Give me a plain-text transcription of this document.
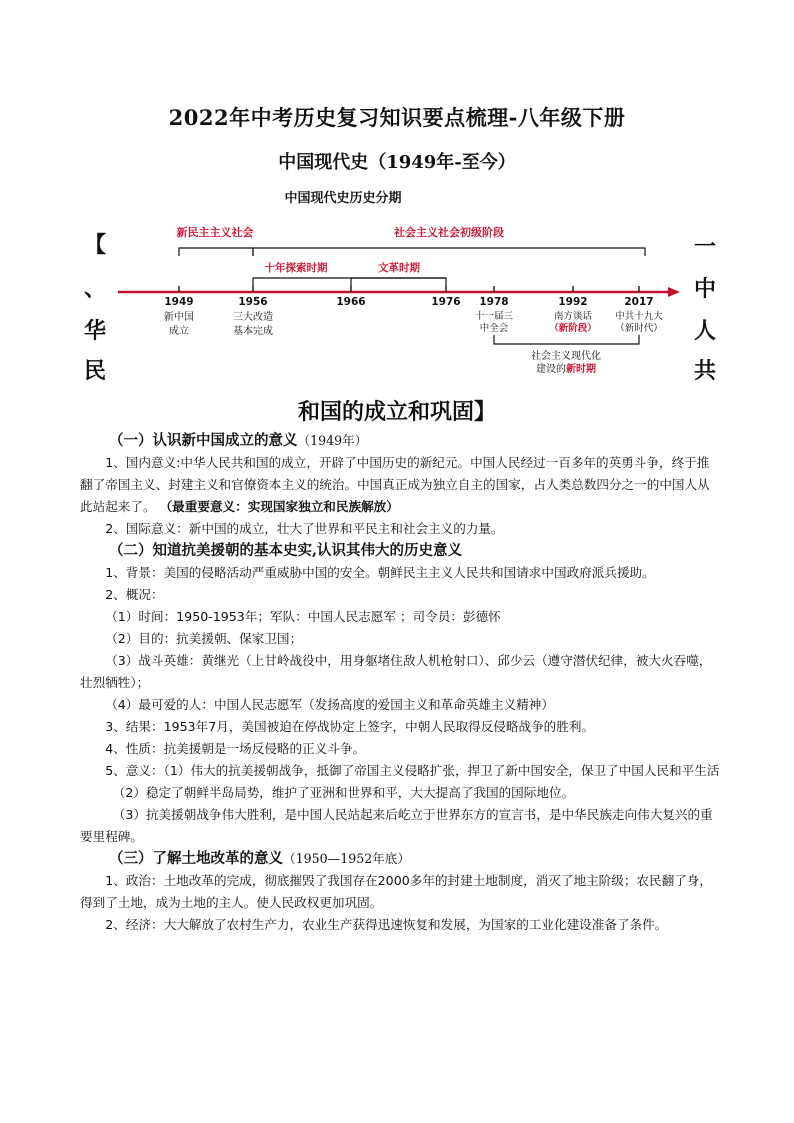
2022年中考历史复习知识要点梳理-八年级下册
中国现代史（1949年-至今）
【
、
华
民
一
中
人
共
中国现代史历史分期
新民主主义社会	社会主义社会初级阶段
十年探索时期	文革时期
1949	1956	1966	1976 1978	1992	2017
新中国
成立
三大改造
基本完成
十一届三
中全会
南方谈话
（新阶段）
中共十九大
（新时代）
社会主义现代化
建设的新时期
和国的成立和巩固】
（一）认识新中国成立的意义（1949年）

1、国内意义:中华人民共和国的成立，开辟了中国历史的新纪元。中国人民经过一百多年的英勇斗争，终于推翻了帝国主义、封建主义和官僚资本主义的统治。中国真正成为独立自主的国家，占人类总数四分之一的中国人从此站起来了。 （最重要意义：实现国家独立和民族解放）

2、国际意义：新中国的成立，壮大了世界和平民主和社会主义的力量。

（二）知道抗美援朝的基本史实,认识其伟大的历史意义

1、背景：美国的侵略活动严重威胁中国的安全。朝鲜民主主义人民共和国请求中国政府派兵援助。

2、概况：

（1）时间：1950-1953年；军队：中国人民志愿军 ；司令员：彭德怀

（2）目的：抗美援朝、保家卫国；

（3）战斗英雄：黄继光（上甘岭战役中，用身躯堵住敌人机枪射口）、邱少云（遵守潜伏纪律，被大火吞噬，壮烈牺牲）；

（4）最可爱的人：中国人民志愿军（发扬高度的爱国主义和革命英雄主义精神）

3、结果：1953年7月，美国被迫在停战协定上签字，中朝人民取得反侵略战争的胜利。

4、性质：抗美援朝是一场反侵略的正义斗争。

5、意义：（1）伟大的抗美援朝战争，抵御了帝国主义侵略扩张，捍卫了新中国安全，保卫了中国人民和平生活

（2）稳定了朝鲜半岛局势，维护了亚洲和世界和平，大大提高了我国的国际地位。

（3）抗美援朝战争伟大胜利，是中国人民站起来后屹立于世界东方的宣言书，是中华民族走向伟大复兴的重要里程碑。

（三）了解土地改革的意义（1950—1952年底）

1、政治：土地改革的完成，彻底摧毁了我国存在2000多年的封建土地制度，消灭了地主阶级；农民翻了身，得到了土地，成为土地的主人。使人民政权更加巩固。

2、经济：大大解放了农村生产力，农业生产获得迅速恢复和发展，为国家的工业化建设准备了条件。
